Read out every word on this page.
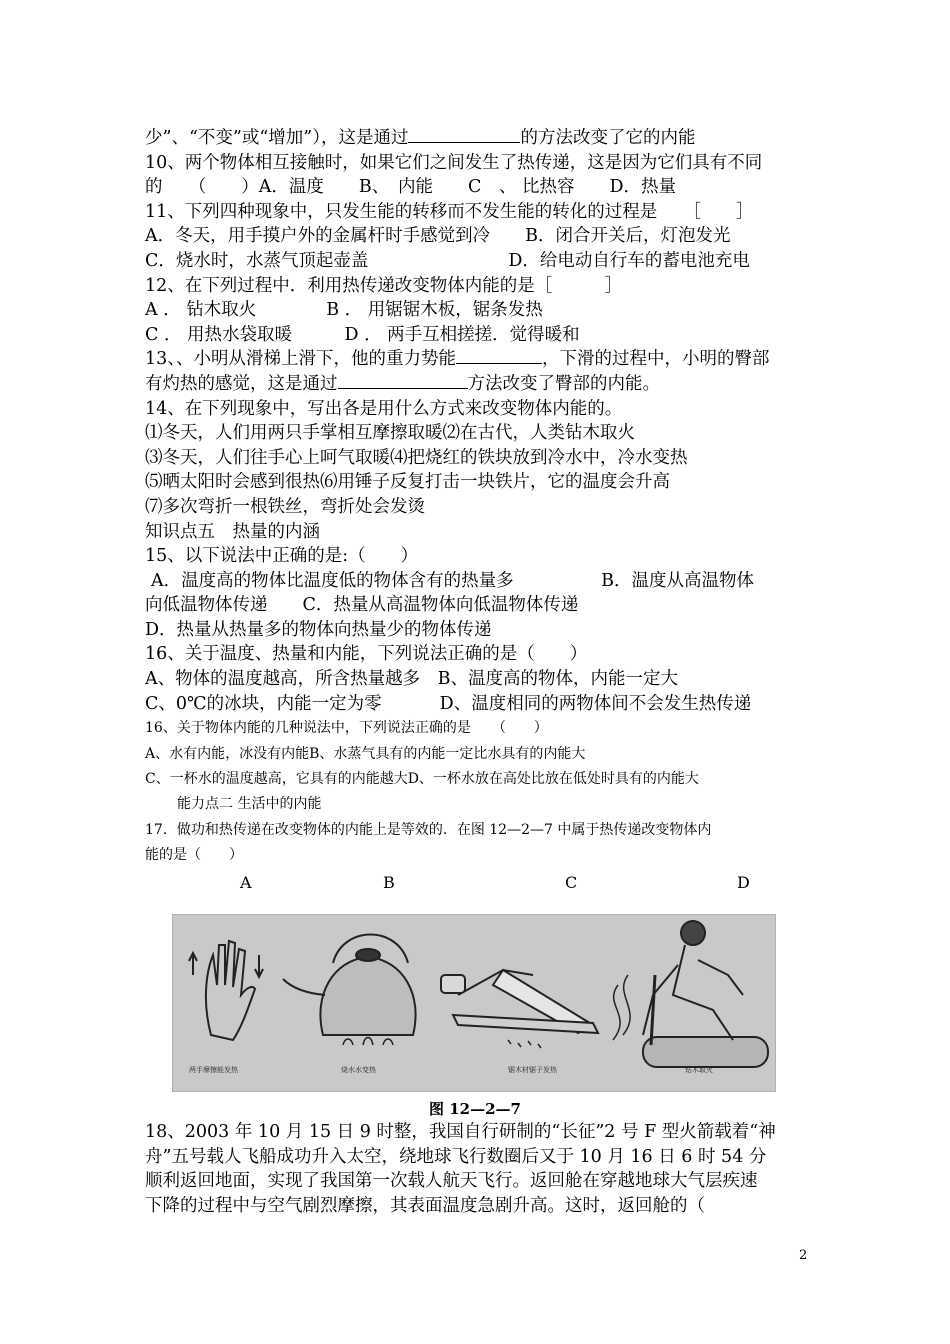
少”、“不变”或“增加”），这是通过	的方法改变了它的内能
10、两个物体相互接触时，如果它们之间发生了热传递，这是因为它们具有不同
的　　（　　）A．温度　　B、　内能　　C　、 比热容　　D．热量
11、下列四种现象中，只发生能的转移而不发生能的转化的过程是　　［　　］
A．冬天，用手摸户外的金属杆时手感觉到冷　　B．闭合开关后，灯泡发光
C．烧水时，水蒸气顶起壶盖　　　　　　　　D．给电动自行车的蓄电池充电
12、在下列过程中．利用热传递改变物体内能的是［　　　］
A ． 钻木取火　　　　B ． 用锯锯木板，锯条发热
C ． 用热水袋取暖　　　D ． 两手互相搓搓．觉得暖和
13、、小明从滑梯上滑下，他的重力势能	，下滑的过程中，小明的臀部
有灼热的感觉，这是通过	方法改变了臀部的内能。
14、在下列现象中，写出各是用什么方式来改变物体内能的。
⑴冬天，人们用两只手掌相互摩擦取暖⑵在古代，人类钻木取火
⑶冬天，人们往手心上呵气取暖⑷把烧红的铁块放到冷水中，冷水变热
⑸晒太阳时会感到很热⑹用锤子反复打击一块铁片，它的温度会升高
⑺多次弯折一根铁丝，弯折处会发烫
知识点五　热量的内涵
15、以下说法中正确的是:（　　）
A．温度高的物体比温度低的物体含有的热量多　　　　　B．温度从高温物体
向低温物体传递　　C．热量从高温物体向低温物体传递
D．热量从热量多的物体向热量少的物体传递
16、关于温度、热量和内能，下列说法正确的是（　　）
A、物体的温度越高，所含热量越多　B、温度高的物体，内能一定大
C、0℃的冰块，内能一定为零　　　 D、温度相同的两物体间不会发生热传递
16、关于物体内能的几种说法中，下列说法正确的是　　（　　）
A、水有内能，冰没有内能B、水蒸气具有的内能一定比水具有的内能大
C、一杯水的温度越高，它具有的内能越大D、一杯水放在高处比放在低处时具有的内能大
能力点二 生活中的内能
17．做功和热传递在改变物体的内能上是等效的．在图 12—2—7 中属于热传递改变物体内
能的是（　　）
A	B	C	D
两手摩擦能发热	烧水水变热	锯木材锯子发热	钻木取火
图 12—2—7
18、2003 年 10 月 15 日 9 时整，我国自行研制的“长征”2 号 F 型火箭载着“神
舟”五号载人飞船成功升入太空，绕地球飞行数圈后又于 10 月 16 日 6 时 54 分
顺利返回地面，实现了我国第一次载人航天飞行。返回舱在穿越地球大气层疾速
下降的过程中与空气剧烈摩擦，其表面温度急剧升高。这时，返回舱的（
2
